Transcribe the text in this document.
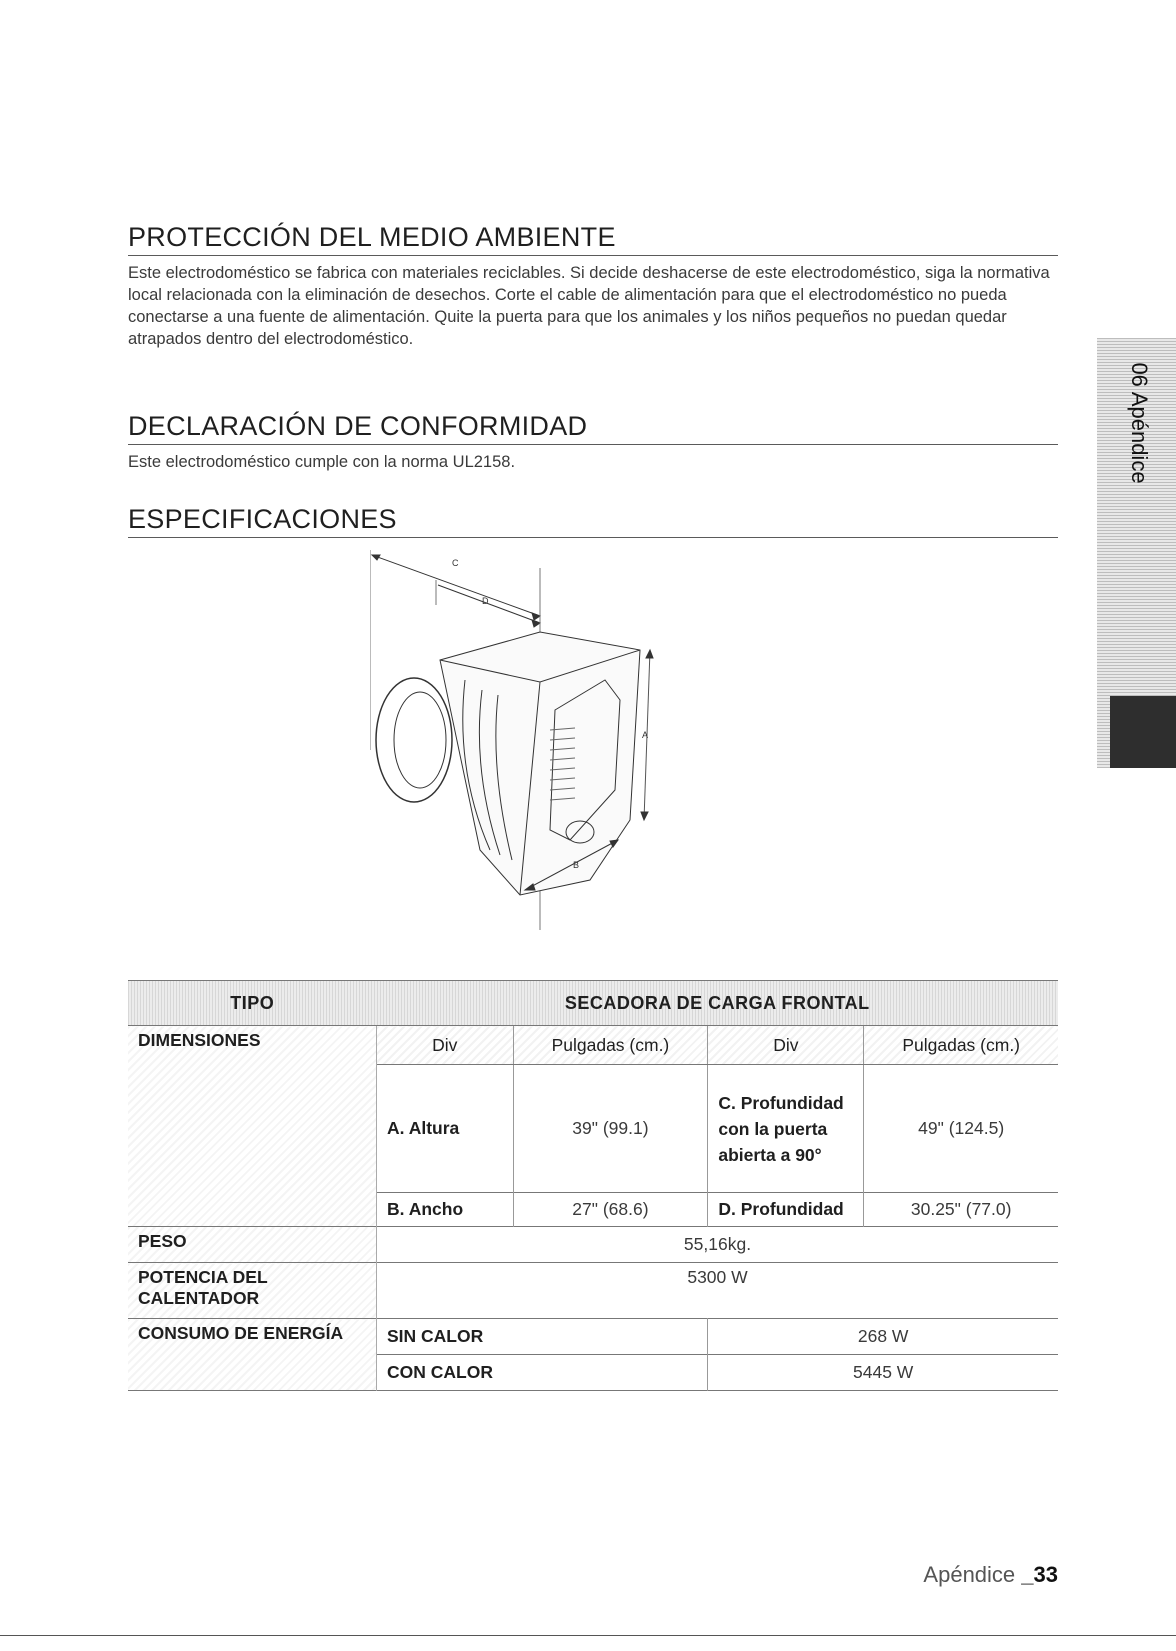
PROTECCIÓN DEL MEDIO AMBIENTE

Este electrodoméstico se fabrica con materiales reciclables. Si decide deshacerse de este electrodoméstico, siga la normativa local relacionada con la eliminación de desechos. Corte el cable de alimentación para que el electrodoméstico no pueda conectarse a una fuente de alimentación. Quite la puerta para que los animales y los niños pequeños no puedan quedar atrapados dentro del electrodoméstico.

DECLARACIÓN DE CONFORMIDAD

Este electrodoméstico cumple con la norma UL2158.

ESPECIFICACIONES
C
D
A
B
TIPO	SECADORA DE CARGA FRONTAL			
DIMENSIONES	Div	Pulgadas (cm.)	Div	Pulgadas (cm.)
	A. Altura	39" (99.1)	C. Profundidad con la puerta abierta a 90°	49" (124.5)
	B. Ancho	27" (68.6)	D. Profundidad	30.25" (77.0)
PESO	55,16kg.			
POTENCIA DEL CALENTADOR	5300 W			
CONSUMO DE ENERGÍA	SIN CALOR		268 W	
	CON CALOR		5445 W	
06 Apéndice
Apéndice _33
